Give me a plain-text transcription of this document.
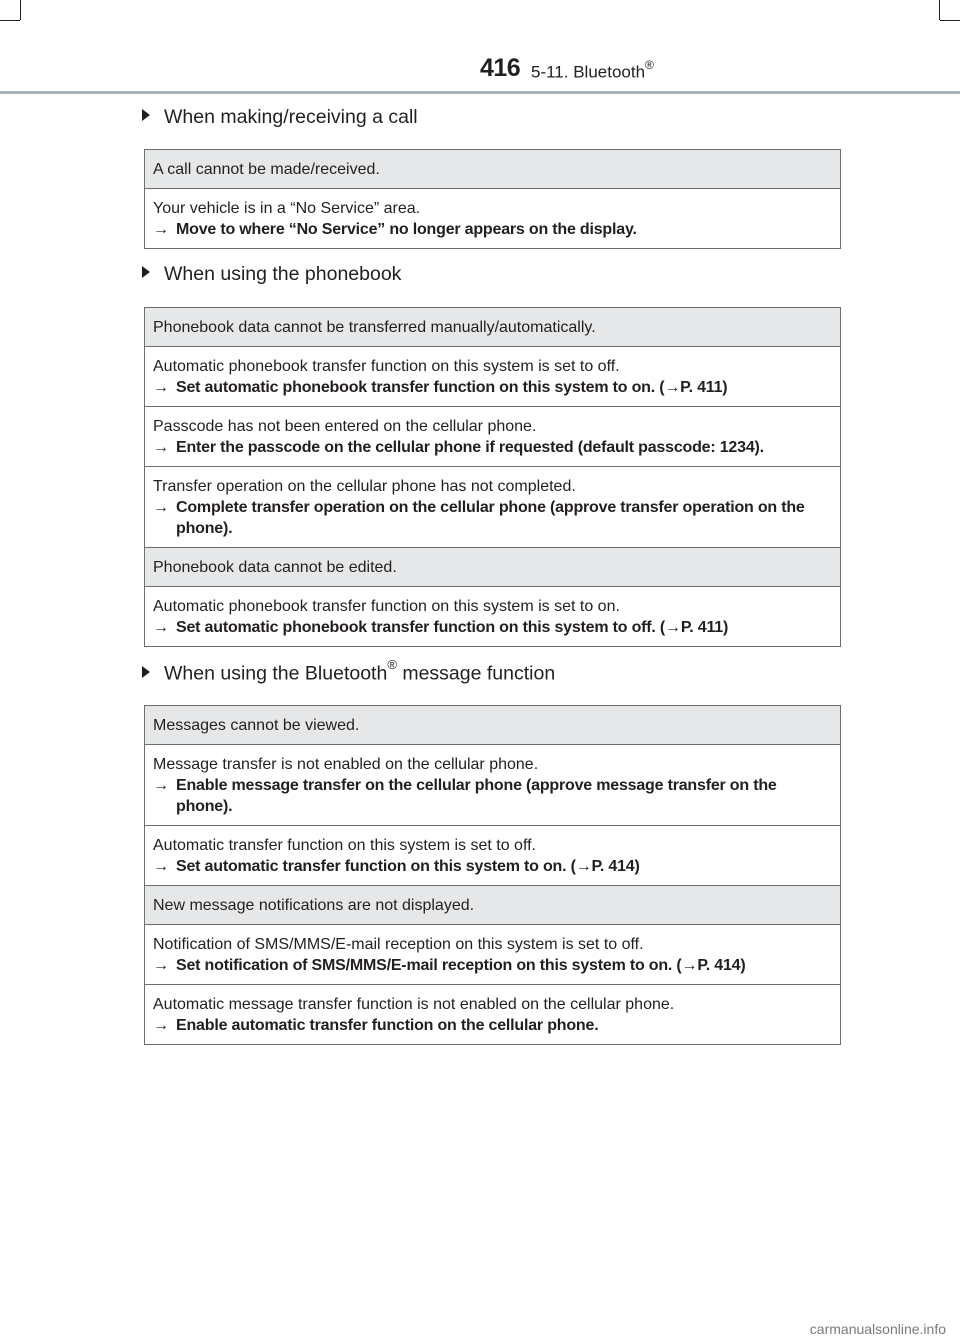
416 5-11. Bluetooth®
When making/receiving a call
A call cannot be made/received.

Your vehicle is in a “No Service” area.
→ Move to where “No Service” no longer appears on the display.
When using the phonebook
Phonebook data cannot be transferred manually/automatically.

Automatic phonebook transfer function on this system is set to off.
→ Set automatic phonebook transfer function on this system to on. (→P. 411)

Passcode has not been entered on the cellular phone.
→ Enter the passcode on the cellular phone if requested (default passcode: 1234).

Transfer operation on the cellular phone has not completed.
→ Complete transfer operation on the cellular phone (approve transfer operation on the phone).

Phonebook data cannot be edited.

Automatic phonebook transfer function on this system is set to on.
→ Set automatic phonebook transfer function on this system to off. (→P. 411)
When using the Bluetooth® message function
Messages cannot be viewed.

Message transfer is not enabled on the cellular phone.
→ Enable message transfer on the cellular phone (approve message transfer on the phone).

Automatic transfer function on this system is set to off.
→ Set automatic transfer function on this system to on. (→P. 414)

New message notifications are not displayed.

Notification of SMS/MMS/E-mail reception on this system is set to off.
→ Set notification of SMS/MMS/E-mail reception on this system to on. (→P. 414)

Automatic message transfer function is not enabled on the cellular phone.
→ Enable automatic transfer function on the cellular phone.
carmanualsonline.info
